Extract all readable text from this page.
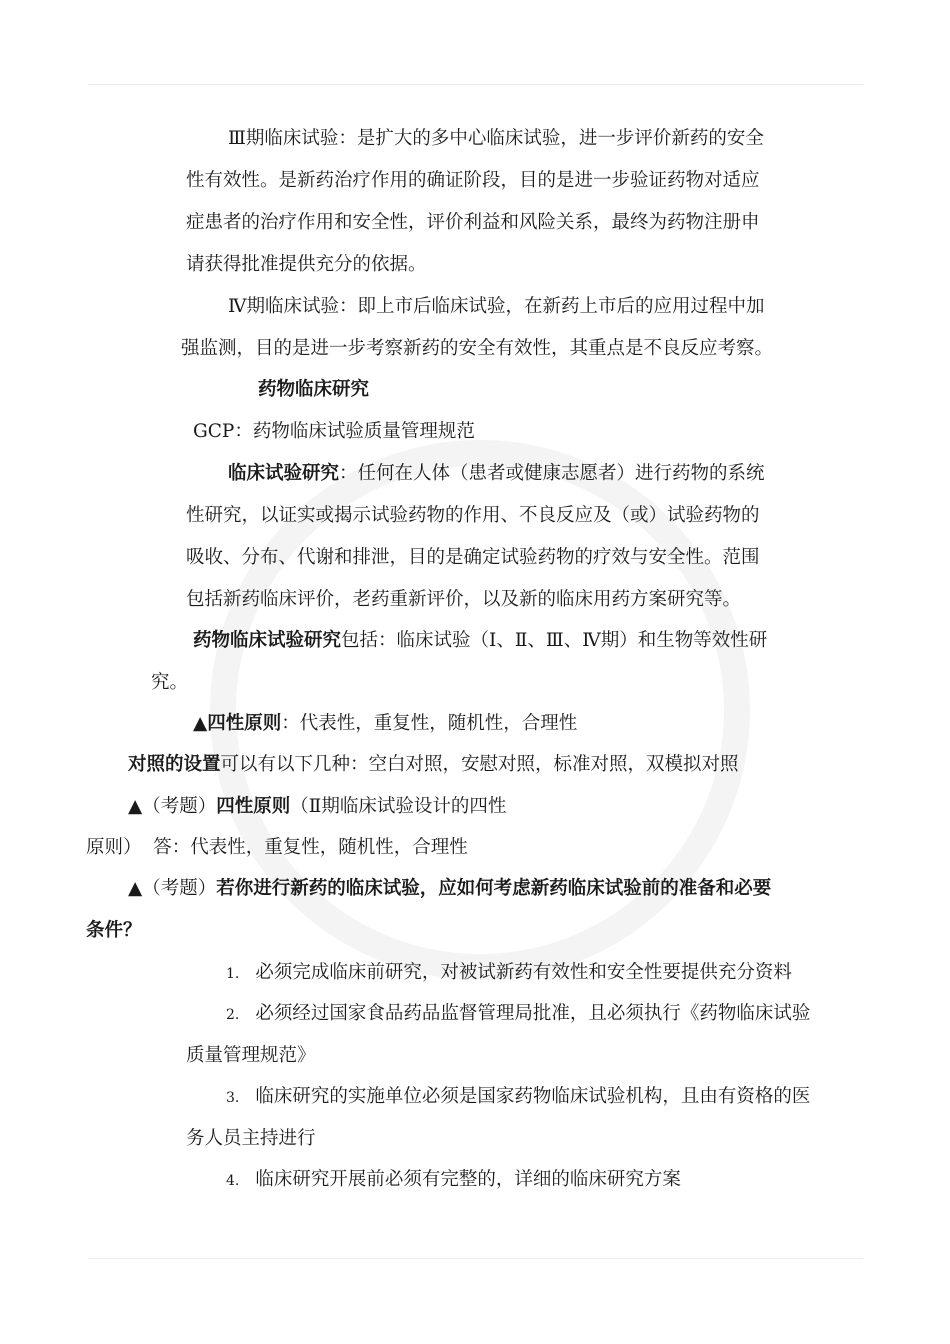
Ⅲ期临床试验：是扩大的多中心临床试验，进一步评价新药的安全
性有效性。是新药治疗作用的确证阶段，目的是进一步验证药物对适应
症患者的治疗作用和安全性，评价利益和风险关系，最终为药物注册申
请获得批准提供充分的依据。
Ⅳ期临床试验：即上市后临床试验，在新药上市后的应用过程中加
强监测，目的是进一步考察新药的安全有效性，其重点是不良反应考察。
药物临床研究
GCP：药物临床试验质量管理规范
临床试验研究：任何在人体（患者或健康志愿者）进行药物的系统
性研究，以证实或揭示试验药物的作用、不良反应及（或）试验药物的
吸收、分布、代谢和排泄，目的是确定试验药物的疗效与安全性。范围
包括新药临床评价，老药重新评价，以及新的临床用药方案研究等。
药物临床试验研究包括：临床试验（Ⅰ、Ⅱ、Ⅲ、Ⅳ期）和生物等效性研
究。
▲四性原则：代表性，重复性，随机性，合理性
对照的设置可以有以下几种：空白对照，安慰对照，标准对照，双模拟对照
▲（考题）四性原则（Ⅱ期临床试验设计的四性
原则）  答：代表性，重复性，随机性，合理性
▲（考题）若你进行新药的临床试验，应如何考虑新药临床试验前的准备和必要
条件？
1. 必须完成临床前研究，对被试新药有效性和安全性要提供充分资料
2. 必须经过国家食品药品监督管理局批准，且必须执行《药物临床试验
质量管理规范》
3. 临床研究的实施单位必须是国家药物临床试验机构，且由有资格的医
务人员主持进行
4. 临床研究开展前必须有完整的，详细的临床研究方案
